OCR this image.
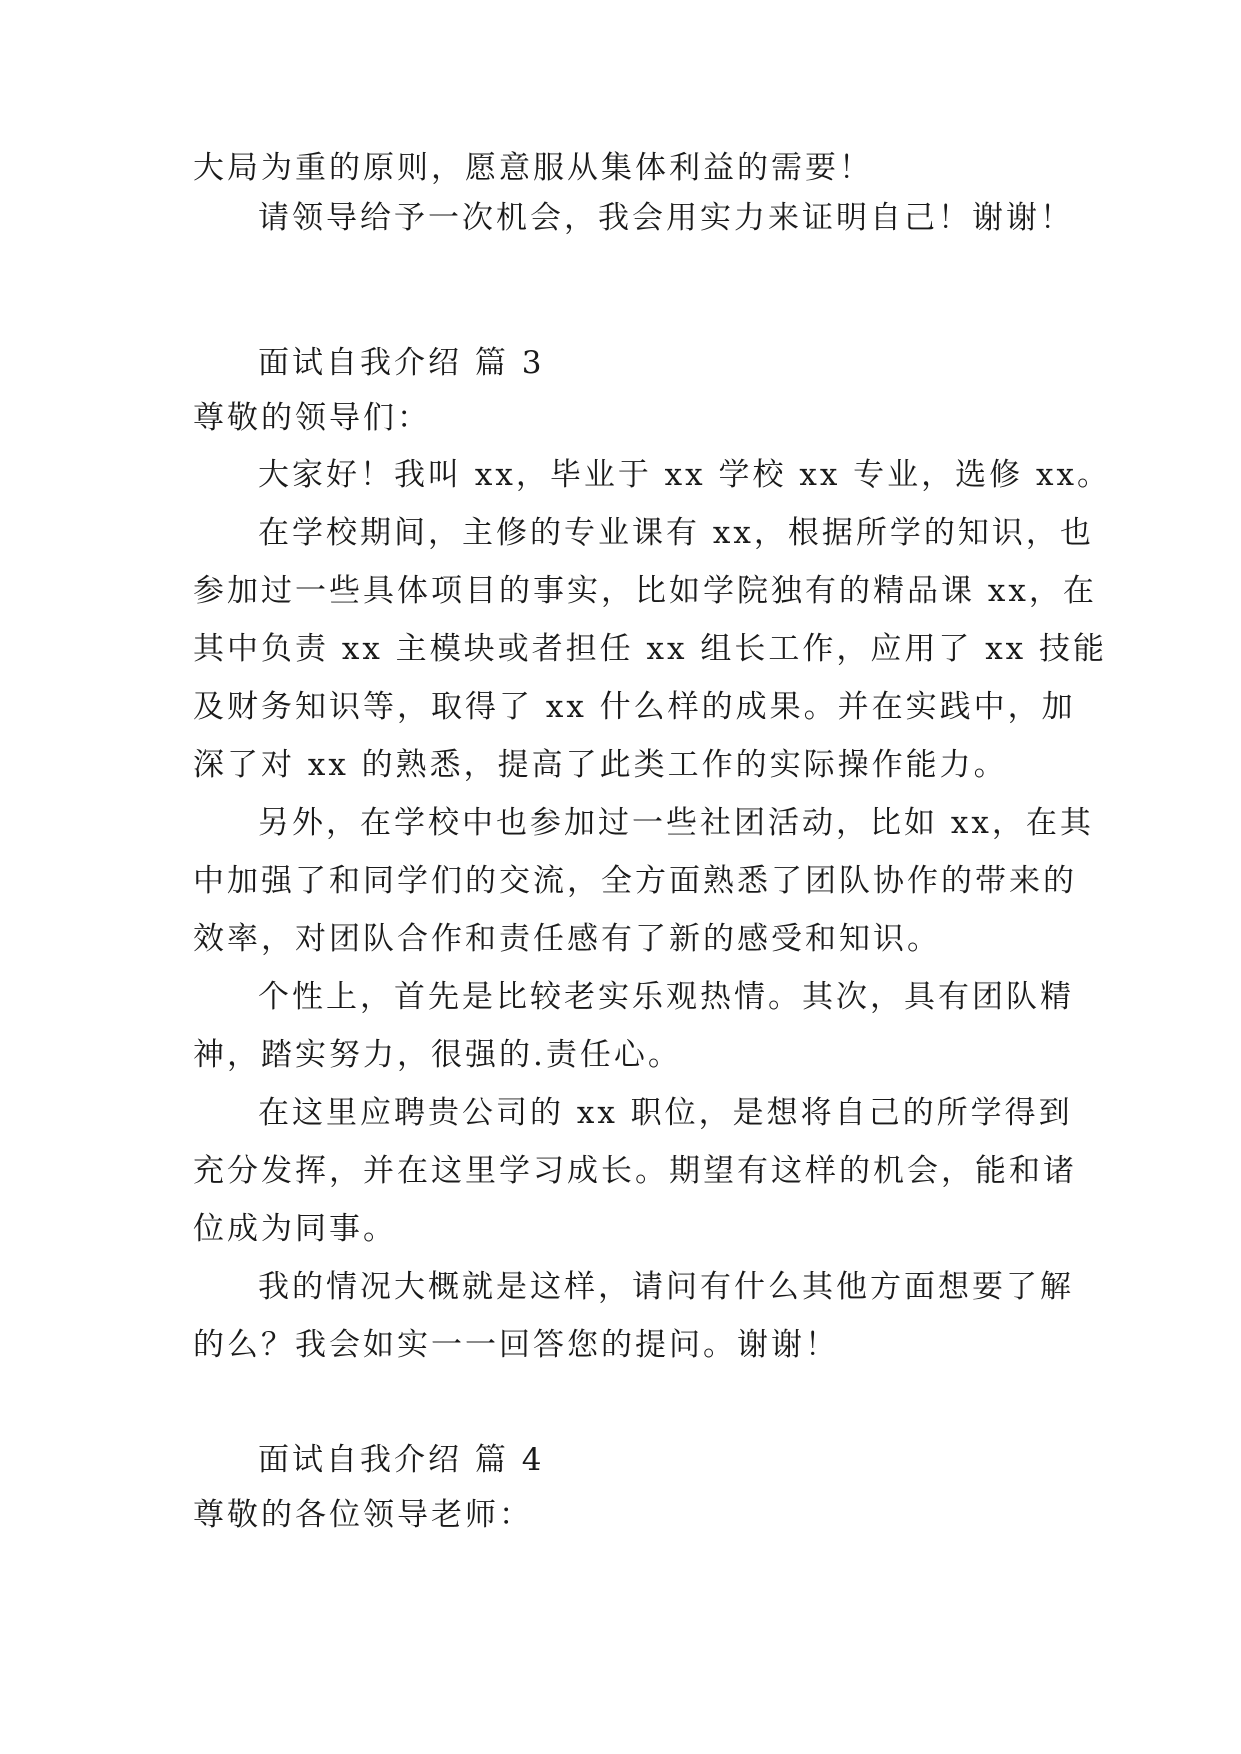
大局为重的原则，愿意服从集体利益的需要！
请领导给予一次机会，我会用实力来证明自己！谢谢！
面试自我介绍 篇 3
尊敬的领导们：
大家好！我叫 xx，毕业于 xx 学校 xx 专业，选修 xx。
在学校期间，主修的专业课有 xx，根据所学的知识，也
参加过一些具体项目的事实，比如学院独有的精品课 xx，在
其中负责 xx 主模块或者担任 xx 组长工作，应用了 xx 技能
及财务知识等，取得了 xx 什么样的成果。并在实践中，加
深了对 xx 的熟悉，提高了此类工作的实际操作能力。
另外，在学校中也参加过一些社团活动，比如 xx，在其
中加强了和同学们的交流，全方面熟悉了团队协作的带来的
效率，对团队合作和责任感有了新的感受和知识。
个性上，首先是比较老实乐观热情。其次，具有团队精
神，踏实努力，很强的.责任心。
在这里应聘贵公司的 xx 职位，是想将自己的所学得到
充分发挥，并在这里学习成长。期望有这样的机会，能和诸
位成为同事。
我的情况大概就是这样，请问有什么其他方面想要了解
的么？我会如实一一回答您的提问。谢谢！
面试自我介绍 篇 4
尊敬的各位领导老师：
